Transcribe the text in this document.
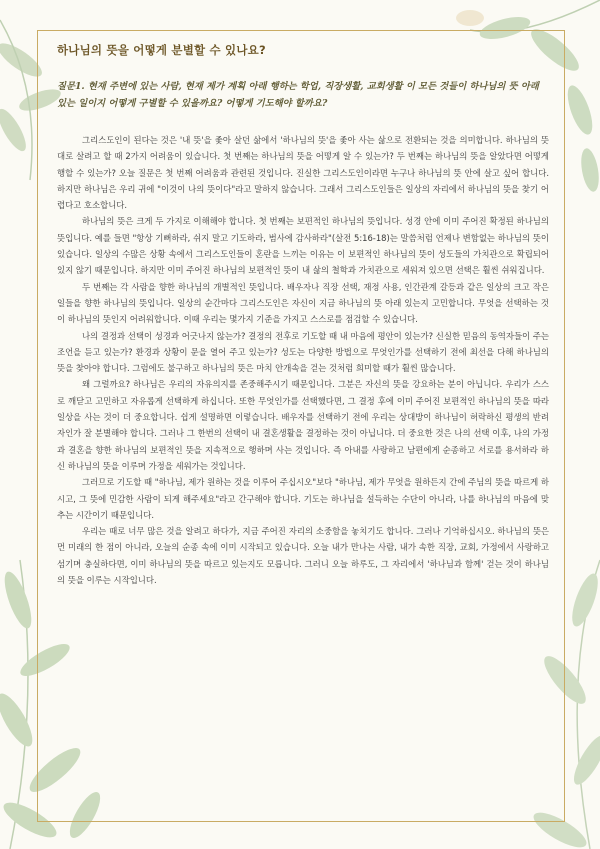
하나님의 뜻을 어떻게 분별할 수 있나요?

질문1. 현재 주변에 있는 사람, 현재 제가 계획 아래 행하는 학업, 직장생활, 교회생활 이 모든 것들이 하나님의 뜻 아래 있는 일이지 어떻게 구별할 수 있을까요? 어떻게 기도해야 할까요?

그리스도인이 된다는 것은 '내 뜻'을 좇아 살던 삶에서 '하나님의 뜻'을 좇아 사는 삶으로 전환되는 것을 의미합니다. 하나님의 뜻대로 살려고 할 때 2가지 어려움이 있습니다. 첫 번째는 하나님의 뜻을 어떻게 알 수 있는가? 두 번째는 하나님의 뜻을 알았다면 어떻게 행할 수 있는가? 오늘 질문은 첫 번째 어려움과 관련된 것입니다. 진실한 그리스도인이라면 누구나 하나님의 뜻 안에 살고 싶어 합니다. 하지만 하나님은 우리 귀에 "이것이 나의 뜻이다"라고 말하지 않습니다. 그래서 그리스도인들은 일상의 자리에서 하나님의 뜻을 찾기 어렵다고 호소합니다.

하나님의 뜻은 크게 두 가지로 이해해야 합니다. 첫 번째는 보편적인 하나님의 뜻입니다. 성경 안에 이미 주어진 확정된 하나님의 뜻입니다. 예를 들면 "항상 기뻐하라, 쉬지 말고 기도하라, 범사에 감사하라"(살전 5:16-18)는 말씀처럼 언제나 변함없는 하나님의 뜻이 있습니다. 일상의 수많은 상황 속에서 그리스도인들이 혼란을 느끼는 이유는 이 보편적인 하나님의 뜻이 성도들의 가치관으로 확립되어 있지 않기 때문입니다. 하지만 이미 주어진 하나님의 보편적인 뜻이 내 삶의 철학과 가치관으로 세워져 있으면 선택은 훨씬 쉬워집니다.

두 번째는 각 사람을 향한 하나님의 개별적인 뜻입니다. 배우자나 직장 선택, 재정 사용, 인간관계 갈등과 같은 일상의 크고 작은 일들을 향한 하나님의 뜻입니다. 일상의 순간마다 그리스도인은 자신이 지금 하나님의 뜻 아래 있는지 고민합니다. 무엇을 선택하는 것이 하나님의 뜻인지 어려워합니다. 이때 우리는 몇가지 기준을 가지고 스스로를 점검할 수 있습니다.

나의 결정과 선택이 성경과 어긋나지 않는가? 결정의 전후로 기도할 때 내 마음에 평안이 있는가? 신실한 믿음의 동역자들이 주는 조언을 듣고 있는가? 환경과 상황이 문을 열어 주고 있는가? 성도는 다양한 방법으로 무엇인가를 선택하기 전에 최선을 다해 하나님의 뜻을 찾아야 합니다. 그럼에도 불구하고 하나님의 뜻은 마치 안개속을 걷는 것처럼 희미할 때가 훨씬 많습니다.

왜 그럴까요? 하나님은 우리의 자유의지를 존중해주시기 때문입니다. 그분은 자신의 뜻을 강요하는 분이 아닙니다. 우리가 스스로 깨닫고 고민하고 자유롭게 선택하게 하십니다. 또한 무엇인가를 선택했다면, 그 결정 후에 이미 주어진 보편적인 하나님의 뜻을 따라 일상을 사는 것이 더 중요합니다. 쉽게 설명하면 이렇습니다. 배우자를 선택하기 전에 우리는 상대방이 하나님이 허락하신 평생의 반려자인가 잘 분별해야 합니다. 그러나 그 한번의 선택이 내 결혼생활을 결정하는 것이 아닙니다. 더 중요한 것은 나의 선택 이후, 나의 가정과 결혼을 향한 하나님의 보편적인 뜻을 지속적으로 행하며 사는 것입니다. 즉 아내를 사랑하고 남편에게 순종하고 서로를 용서하라 하신 하나님의 뜻을 이루며 가정을 세워가는 것입니다.

그러므로 기도할 때 "하나님, 제가 원하는 것을 이루어 주십시오"보다 "하나님, 제가 무엇을 원하든지 간에 주님의 뜻을 따르게 하시고, 그 뜻에 민감한 사람이 되게 해주세요"라고 간구해야 합니다. 기도는 하나님을 설득하는 수단이 아니라, 나를 하나님의 마음에 맞추는 시간이기 때문입니다.

우리는 때로 너무 많은 것을 알려고 하다가, 지금 주어진 자리의 소중함을 놓치기도 합니다. 그러나 기억하십시오. 하나님의 뜻은 먼 미래의 한 점이 아니라, 오늘의 순종 속에 이미 시작되고 있습니다. 오늘 내가 만나는 사람, 내가 속한 직장, 교회, 가정에서 사랑하고 섬기며 충실하다면, 이미 하나님의 뜻을 따르고 있는지도 모릅니다. 그러니 오늘 하루도, 그 자리에서 '하나님과 함께' 걷는 것이 하나님의 뜻을 이루는 시작입니다.
